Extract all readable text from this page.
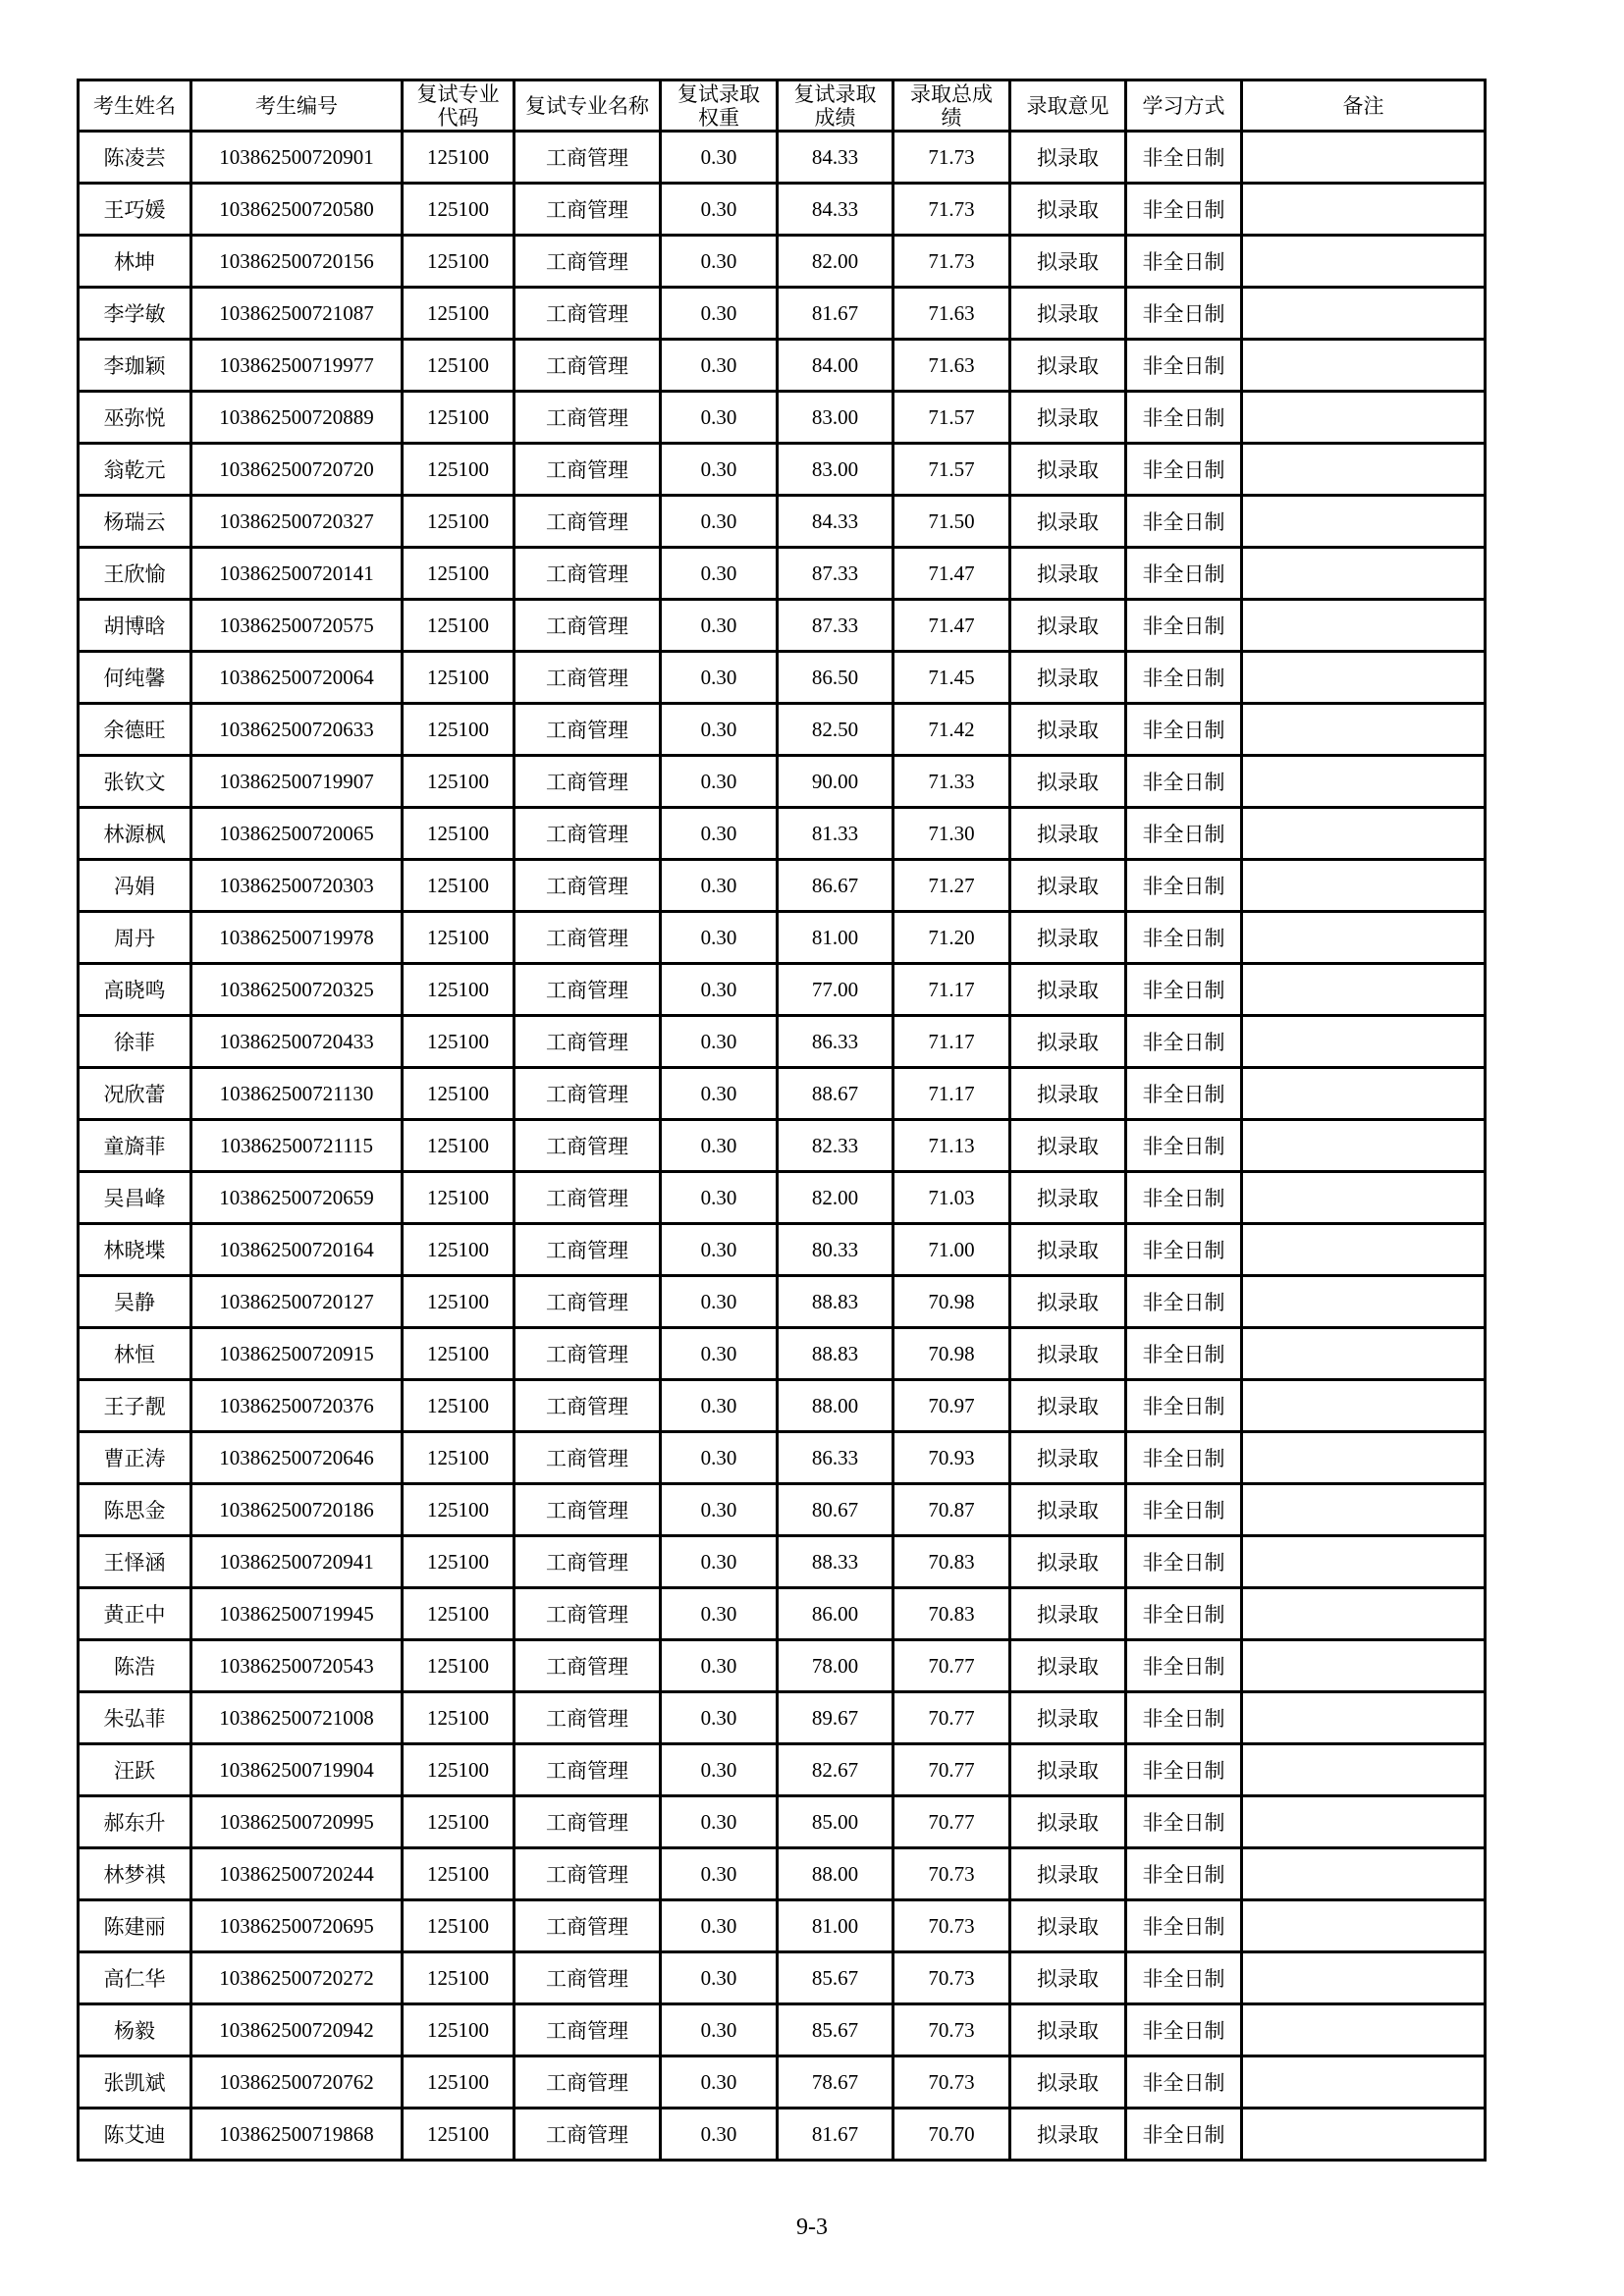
考生姓名	考生编号	复试专业代码	复试专业名称	复试录取权重	复试录取成绩	录取总成绩	录取意见	学习方式	备注

陈凌芸	103862500720901	125100	工商管理	0.30	84.33	71.73	拟录取	非全日制	
王巧媛	103862500720580	125100	工商管理	0.30	84.33	71.73	拟录取	非全日制	
林坤	103862500720156	125100	工商管理	0.30	82.00	71.73	拟录取	非全日制	
李学敏	103862500721087	125100	工商管理	0.30	81.67	71.63	拟录取	非全日制	
李珈颖	103862500719977	125100	工商管理	0.30	84.00	71.63	拟录取	非全日制	
巫弥悦	103862500720889	125100	工商管理	0.30	83.00	71.57	拟录取	非全日制	
翁乾元	103862500720720	125100	工商管理	0.30	83.00	71.57	拟录取	非全日制	
杨瑞云	103862500720327	125100	工商管理	0.30	84.33	71.50	拟录取	非全日制	
王欣愉	103862500720141	125100	工商管理	0.30	87.33	71.47	拟录取	非全日制	
胡博晗	103862500720575	125100	工商管理	0.30	87.33	71.47	拟录取	非全日制	
何纯馨	103862500720064	125100	工商管理	0.30	86.50	71.45	拟录取	非全日制	
余德旺	103862500720633	125100	工商管理	0.30	82.50	71.42	拟录取	非全日制	
张钦文	103862500719907	125100	工商管理	0.30	90.00	71.33	拟录取	非全日制	
林源枫	103862500720065	125100	工商管理	0.30	81.33	71.30	拟录取	非全日制	
冯娟	103862500720303	125100	工商管理	0.30	86.67	71.27	拟录取	非全日制	
周丹	103862500719978	125100	工商管理	0.30	81.00	71.20	拟录取	非全日制	
高晓鸣	103862500720325	125100	工商管理	0.30	77.00	71.17	拟录取	非全日制	
徐菲	103862500720433	125100	工商管理	0.30	86.33	71.17	拟录取	非全日制	
况欣蕾	103862500721130	125100	工商管理	0.30	88.67	71.17	拟录取	非全日制	
童旖菲	103862500721115	125100	工商管理	0.30	82.33	71.13	拟录取	非全日制	
吴昌峰	103862500720659	125100	工商管理	0.30	82.00	71.03	拟录取	非全日制	
林晓堞	103862500720164	125100	工商管理	0.30	80.33	71.00	拟录取	非全日制	
吴静	103862500720127	125100	工商管理	0.30	88.83	70.98	拟录取	非全日制	
林恒	103862500720915	125100	工商管理	0.30	88.83	70.98	拟录取	非全日制	
王子靓	103862500720376	125100	工商管理	0.30	88.00	70.97	拟录取	非全日制	
曹正涛	103862500720646	125100	工商管理	0.30	86.33	70.93	拟录取	非全日制	
陈思金	103862500720186	125100	工商管理	0.30	80.67	70.87	拟录取	非全日制	
王怿涵	103862500720941	125100	工商管理	0.30	88.33	70.83	拟录取	非全日制	
黄正中	103862500719945	125100	工商管理	0.30	86.00	70.83	拟录取	非全日制	
陈浩	103862500720543	125100	工商管理	0.30	78.00	70.77	拟录取	非全日制	
朱弘菲	103862500721008	125100	工商管理	0.30	89.67	70.77	拟录取	非全日制	
汪跃	103862500719904	125100	工商管理	0.30	82.67	70.77	拟录取	非全日制	
郝东升	103862500720995	125100	工商管理	0.30	85.00	70.77	拟录取	非全日制	
林梦祺	103862500720244	125100	工商管理	0.30	88.00	70.73	拟录取	非全日制	
陈建丽	103862500720695	125100	工商管理	0.30	81.00	70.73	拟录取	非全日制	
高仁华	103862500720272	125100	工商管理	0.30	85.67	70.73	拟录取	非全日制	
杨毅	103862500720942	125100	工商管理	0.30	85.67	70.73	拟录取	非全日制	
张凯斌	103862500720762	125100	工商管理	0.30	78.67	70.73	拟录取	非全日制	
陈艾迪	103862500719868	125100	工商管理	0.30	81.67	70.70	拟录取	非全日制	
9-3
